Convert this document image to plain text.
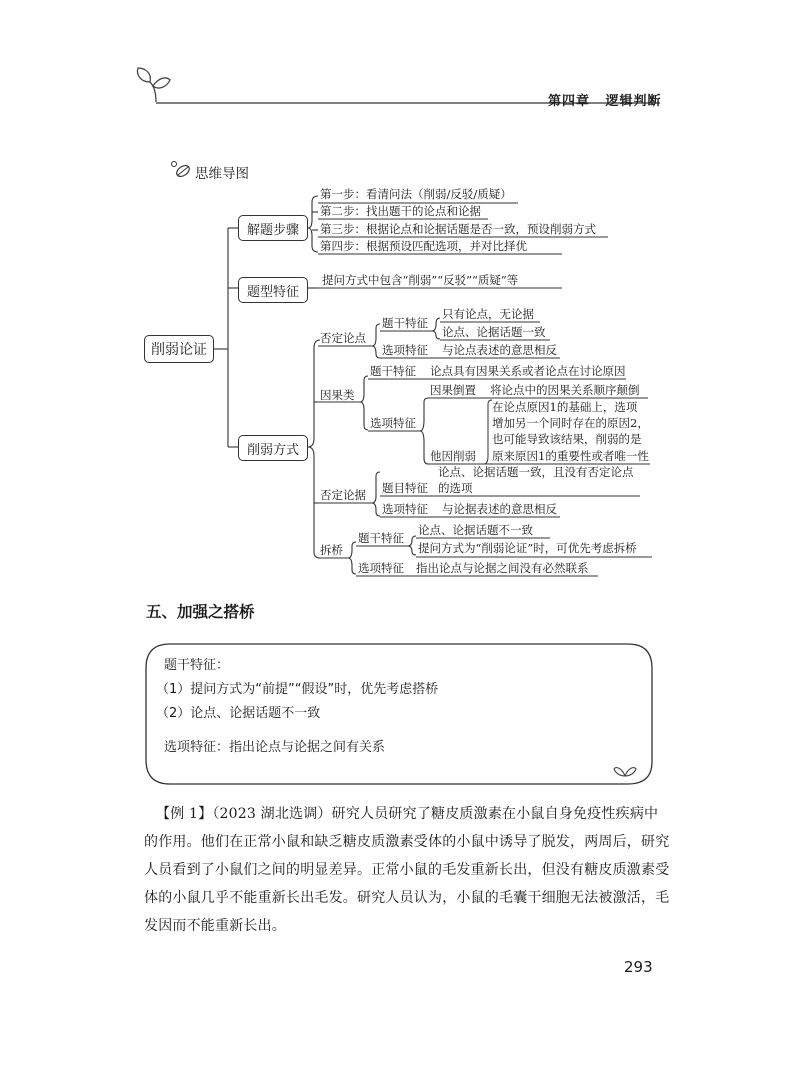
第四章 逻辑判断
思维导图
削弱论证
解题步骤
题型特征
削弱方式
第一步：看清问法（削弱/反驳/质疑）
第二步：找出题干的论点和论据
第三步：根据论点和论据话题是否一致，预设削弱方式
第四步：根据预设匹配选项，并对比择优
提问方式中包含“削弱”“反驳”“质疑”等
否定论点
题干特征
只有论点，无论据
论点、论据话题一致
选项特征 与论点表述的意思相反
因果类
题干特征 论点具有因果关系或者论点在讨论原因
选项特征
因果倒置 将论点中的因果关系顺序颠倒
他因削弱
在论点原因1的基础上，选项
增加另一个同时存在的原因2，
也可能导致该结果，削弱的是
原来原因1的重要性或者唯一性
否定论据 题目特征
论点、论据话题一致，且没有否定论点
的选项
选项特征 与论据表述的意思相反
拆桥
题干特征
论点、论据话题不一致
提问方式为“削弱论证”时，可优先考虑拆桥
选项特征 指出论点与论据之间没有必然联系
五、加强之搭桥
题干特征：
（1）提问方式为“前提”“假设”时，优先考虑搭桥
（2）论点、论据话题不一致
选项特征：指出论点与论据之间有关系
【例 1】（2023 湖北选调）研究人员研究了糖皮质激素在小鼠自身免疫性疾病中
的作用。他们在正常小鼠和缺乏糖皮质激素受体的小鼠中诱导了脱发，两周后，研究
人员看到了小鼠们之间的明显差异。正常小鼠的毛发重新长出，但没有糖皮质激素受
体的小鼠几乎不能重新长出毛发。研究人员认为，小鼠的毛囊干细胞无法被激活，毛
发因而不能重新长出。
293
